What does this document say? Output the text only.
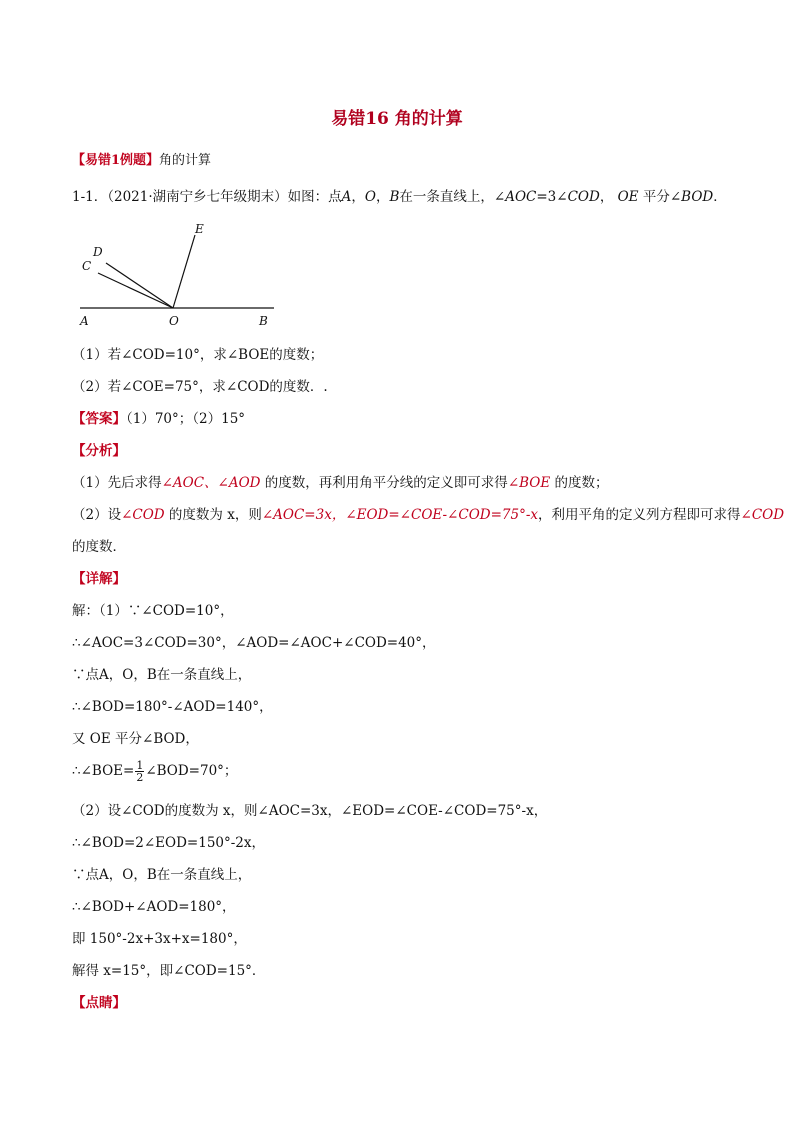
易错16 角的计算
【易错1例题】角的计算
1-1．（2021·湖南宁乡七年级期末）如图：点A，O，B在一条直线上，∠AOC=3∠COD， OE 平分∠BOD．
D
C
E
A	O	B
（1）若∠COD=10°，求∠BOE的度数；
（2）若∠COE=75°，求∠COD的度数．.
【答案】（1）70°；（2）15°
【分析】
（1）先后求得∠AOC、∠AOD 的度数，再利用角平分线的定义即可求得∠BOE 的度数；
（2）设∠COD 的度数为 x，则∠AOC=3x，∠EOD=∠COE-∠COD=75°-x，利用平角的定义列方程即可求得∠COD
的度数．
【详解】
解：（1）∵∠COD=10°，
∴∠AOC=3∠COD=30°，∠AOD=∠AOC+∠COD=40°，
∵点A，O，B在一条直线上，
∴∠BOD=180°-∠AOD=140°，
又 OE 平分∠BOD，
∴∠BOE= $\frac{1}{2}$ ∠BOD=70°；
（2）设∠COD的度数为 x，则∠AOC=3x，∠EOD=∠COE-∠COD=75°-x，
∴∠BOD=2∠EOD=150°-2x，
∵点A，O，B在一条直线上，
∴∠BOD+∠AOD=180°，
即 150°-2x+3x+x=180°，
解得 x=15°，即∠COD=15°．
【点睛】
